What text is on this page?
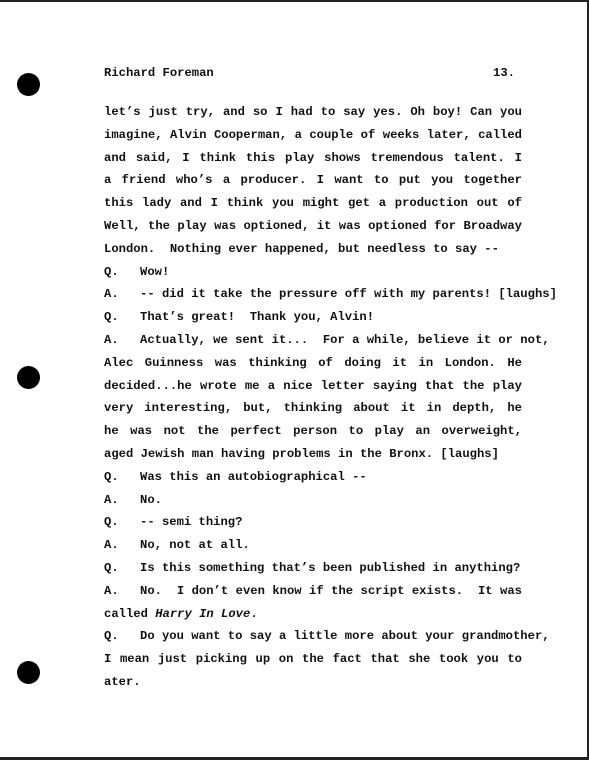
Richard Foreman	13.
let’s just try, and so I had to say yes. Oh boy! Can you
imagine, Alvin Cooperman, a couple of weeks later, called
and said, I think this play shows tremendous talent. I
a friend who’s a producer. I want to put you together
this lady and I think you might get a production out of
Well, the play was optioned, it was optioned for Broadway
London.  Nothing ever happened, but needless to say --
Q.	Wow!
A.	-- did it take the pressure off with my parents! [laughs]
Q.	That’s great!  Thank you, Alvin!
A.	Actually, we sent it...  For a while, believe it or not,
Alec Guinness was thinking of doing it in London. He
decided...he wrote me a nice letter saying that the play
very interesting, but, thinking about it in depth, he
he was not the perfect person to play an overweight,
aged Jewish man having problems in the Bronx. [laughs]
Q.	Was this an autobiographical --
A.	No.
Q.	-- semi thing?
A.	No, not at all.
Q.	Is this something that’s been published in anything?
A.	No.  I don’t even know if the script exists.  It was
called Harry In Love.
Q.	Do you want to say a little more about your grandmother,
I mean just picking up on the fact that she took you to
ater.
